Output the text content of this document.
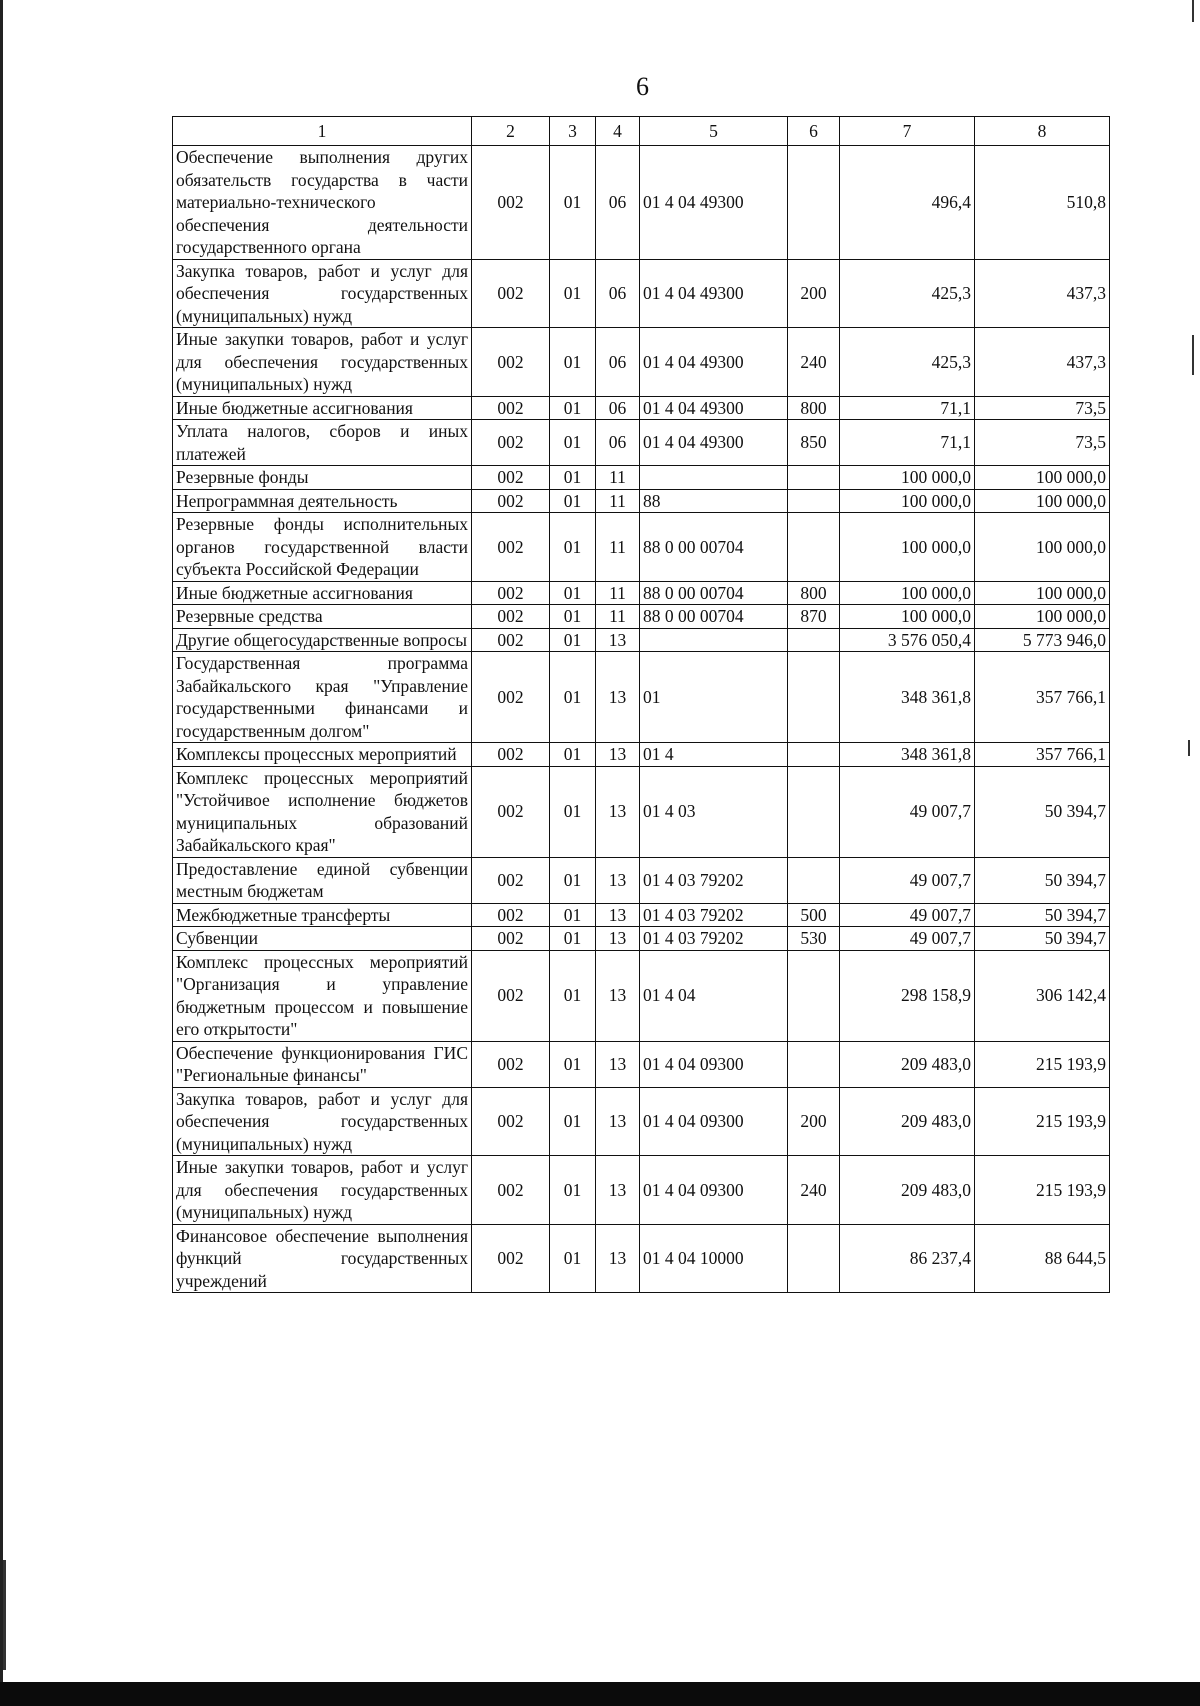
6
1	2	3	4	5	6	7	8
Обеспечение выполнения других обязательств государства в части материально-технического обеспечения деятельности государственного органа	002	01	06	01 4 04 49300		496,4	510,8
Закупка товаров, работ и услуг для обеспечения государственных (муниципальных) нужд	002	01	06	01 4 04 49300	200	425,3	437,3
Иные закупки товаров, работ и услуг для обеспечения государственных (муниципальных) нужд	002	01	06	01 4 04 49300	240	425,3	437,3
Иные бюджетные ассигнования	002	01	06	01 4 04 49300	800	71,1	73,5
Уплата налогов, сборов и иных платежей	002	01	06	01 4 04 49300	850	71,1	73,5
Резервные фонды	002	01	11			100 000,0	100 000,0
Непрограммная деятельность	002	01	11	88		100 000,0	100 000,0
Резервные фонды исполнительных органов государственной власти субъекта Российской Федерации	002	01	11	88 0 00 00704		100 000,0	100 000,0
Иные бюджетные ассигнования	002	01	11	88 0 00 00704	800	100 000,0	100 000,0
Резервные средства	002	01	11	88 0 00 00704	870	100 000,0	100 000,0
Другие общегосударственные вопросы	002	01	13			3 576 050,4	5 773 946,0
Государственная программа Забайкальского края "Управление государственными финансами и государственным долгом"	002	01	13	01		348 361,8	357 766,1
Комплексы процессных мероприятий	002	01	13	01 4		348 361,8	357 766,1
Комплекс процессных мероприятий "Устойчивое исполнение бюджетов муниципальных образований Забайкальского края"	002	01	13	01 4 03		49 007,7	50 394,7
Предоставление единой субвенции местным бюджетам	002	01	13	01 4 03 79202		49 007,7	50 394,7
Межбюджетные трансферты	002	01	13	01 4 03 79202	500	49 007,7	50 394,7
Субвенции	002	01	13	01 4 03 79202	530	49 007,7	50 394,7
Комплекс процессных мероприятий "Организация и управление бюджетным процессом и повышение его открытости"	002	01	13	01 4 04		298 158,9	306 142,4
Обеспечение функционирования ГИС "Региональные финансы"	002	01	13	01 4 04 09300		209 483,0	215 193,9
Закупка товаров, работ и услуг для обеспечения государственных (муниципальных) нужд	002	01	13	01 4 04 09300	200	209 483,0	215 193,9
Иные закупки товаров, работ и услуг для обеспечения государственных (муниципальных) нужд	002	01	13	01 4 04 09300	240	209 483,0	215 193,9
Финансовое обеспечение выполнения функций государственных учреждений	002	01	13	01 4 04 10000		86 237,4	88 644,5
